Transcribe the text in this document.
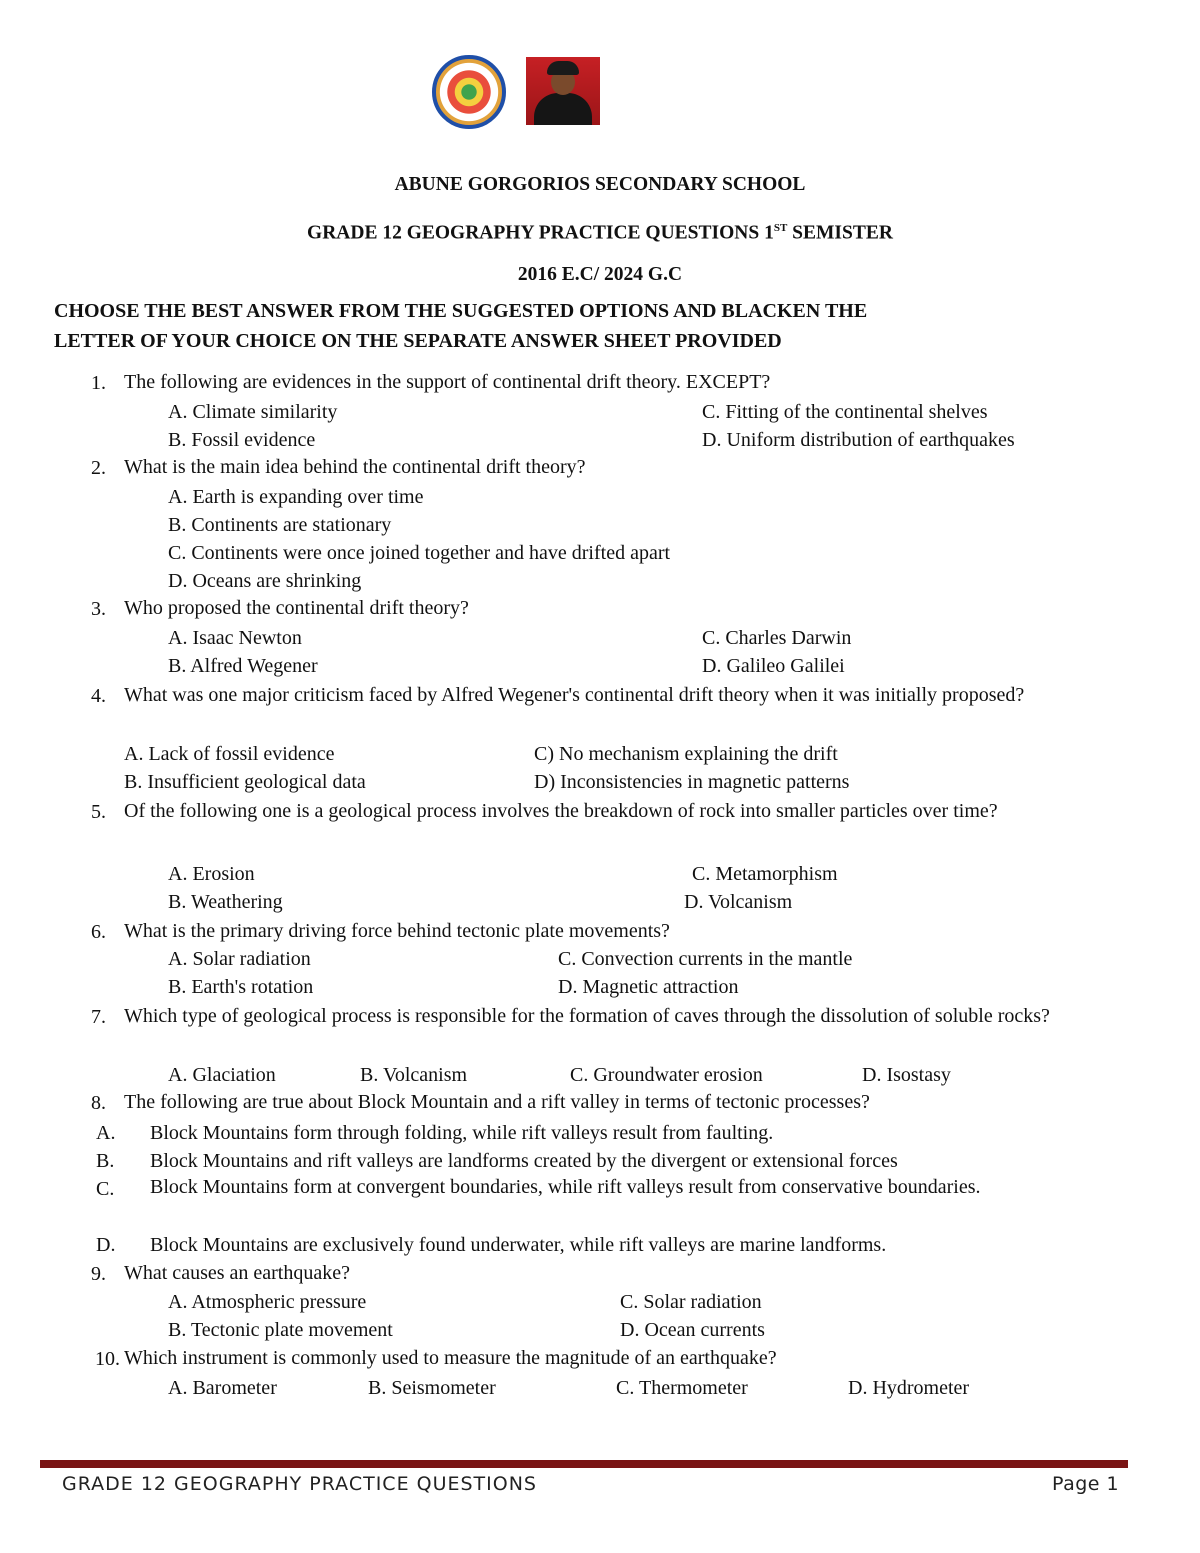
ABUNE GORGORIOS SECONDARY SCHOOL
GRADE 12 GEOGRAPHY PRACTICE QUESTIONS 1ST SEMISTER
2016 E.C/ 2024 G.C
CHOOSE THE BEST ANSWER FROM THE SUGGESTED OPTIONS AND BLACKEN THE
LETTER OF YOUR CHOICE ON THE SEPARATE ANSWER SHEET PROVIDED
1. The following are evidences in the support of continental drift theory. EXCEPT?
A. Climate similarity
B. Fossil evidence
C. Fitting of the continental shelves
D. Uniform distribution of earthquakes
2. What is the main idea behind the continental drift theory?
A. Earth is expanding over time
B. Continents are stationary
C. Continents were once joined together and have drifted apart
D. Oceans are shrinking
3. Who proposed the continental drift theory?
A. Isaac Newton
B. Alfred Wegener
C. Charles Darwin
D. Galileo Galilei
4. What was one major criticism faced by Alfred Wegener's continental drift theory when it was initially proposed?
A. Lack of fossil evidence
B. Insufficient geological data
C) No mechanism explaining the drift
D) Inconsistencies in magnetic patterns
5. Of the following one is a geological process involves the breakdown of rock into smaller particles over time?
A. Erosion
B. Weathering
C. Metamorphism
D. Volcanism
6. What is the primary driving force behind tectonic plate movements?
A. Solar radiation
B. Earth's rotation
C. Convection currents in the mantle
D. Magnetic attraction
7. Which type of geological process is responsible for the formation of caves through the dissolution of soluble rocks?
A. Glaciation	B. Volcanism	C. Groundwater erosion	D. Isostasy
8. The following are true about Block Mountain and a rift valley in terms of tectonic processes?
A. Block Mountains form through folding, while rift valleys result from faulting.
B. Block Mountains and rift valleys are landforms created by the divergent or extensional forces
C. Block Mountains form at convergent boundaries, while rift valleys result from conservative boundaries.
D. Block Mountains are exclusively found underwater, while rift valleys are marine landforms.
9. What causes an earthquake?
A. Atmospheric pressure
B. Tectonic plate movement
C. Solar radiation
D. Ocean currents
10. Which instrument is commonly used to measure the magnitude of an earthquake?
A. Barometer	B. Seismometer	C. Thermometer	D. Hydrometer
GRADE 12 GEOGRAPHY PRACTICE QUESTIONS	Page 1
